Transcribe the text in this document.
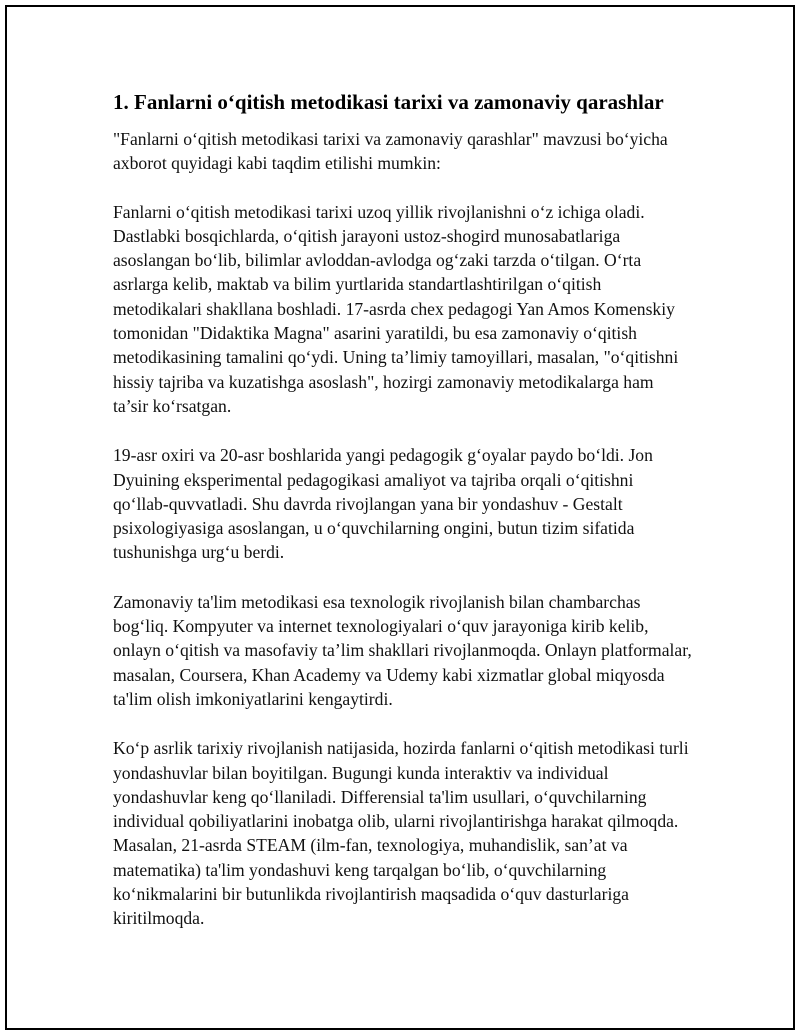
1. Fanlarni o‘qitish metodikasi tarixi va zamonaviy qarashlar

"Fanlarni o‘qitish metodikasi tarixi va zamonaviy qarashlar" mavzusi bo‘yicha axborot quyidagi kabi taqdim etilishi mumkin:

Fanlarni o‘qitish metodikasi tarixi uzoq yillik rivojlanishni o‘z ichiga oladi. Dastlabki bosqichlarda, o‘qitish jarayoni ustoz-shogird munosabatlariga asoslangan bo‘lib, bilimlar avloddan-avlodga og‘zaki tarzda o‘tilgan. O‘rta asrlarga kelib, maktab va bilim yurtlarida standartlashtirilgan o‘qitish metodikalari shakllana boshladi. 17-asrda chex pedagogi Yan Amos Komenskiy tomonidan "Didaktika Magna" asarini yaratildi, bu esa zamonaviy o‘qitish metodikasining tamalini qo‘ydi. Uning ta’limiy tamoyillari, masalan, "o‘qitishni hissiy tajriba va kuzatishga asoslash", hozirgi zamonaviy metodikalarga ham ta’sir ko‘rsatgan.

19-asr oxiri va 20-asr boshlarida yangi pedagogik g‘oyalar paydo bo‘ldi. Jon Dyuining eksperimental pedagogikasi amaliyot va tajriba orqali o‘qitishni qo‘llab-quvvatladi. Shu davrda rivojlangan yana bir yondashuv - Gestalt psixologiyasiga asoslangan, u o‘quvchilarning ongini, butun tizim sifatida tushunishga urg‘u berdi.

Zamonaviy ta'lim metodikasi esa texnologik rivojlanish bilan chambarchas bog‘liq. Kompyuter va internet texnologiyalari o‘quv jarayoniga kirib kelib, onlayn o‘qitish va masofaviy ta’lim shakllari rivojlanmoqda. Onlayn platformalar, masalan, Coursera, Khan Academy va Udemy kabi xizmatlar global miqyosda ta'lim olish imkoniyatlarini kengaytirdi.

Ko‘p asrlik tarixiy rivojlanish natijasida, hozirda fanlarni o‘qitish metodikasi turli yondashuvlar bilan boyitilgan. Bugungi kunda interaktiv va individual yondashuvlar keng qo‘llaniladi. Differensial ta'lim usullari, o‘quvchilarning individual qobiliyatlarini inobatga olib, ularni rivojlantirishga harakat qilmoqda. Masalan, 21-asrda STEAM (ilm-fan, texnologiya, muhandislik, san’at va matematika) ta'lim yondashuvi keng tarqalgan bo‘lib, o‘quvchilarning ko‘nikmalarini bir butunlikda rivojlantirish maqsadida o‘quv dasturlariga kiritilmoqda.
